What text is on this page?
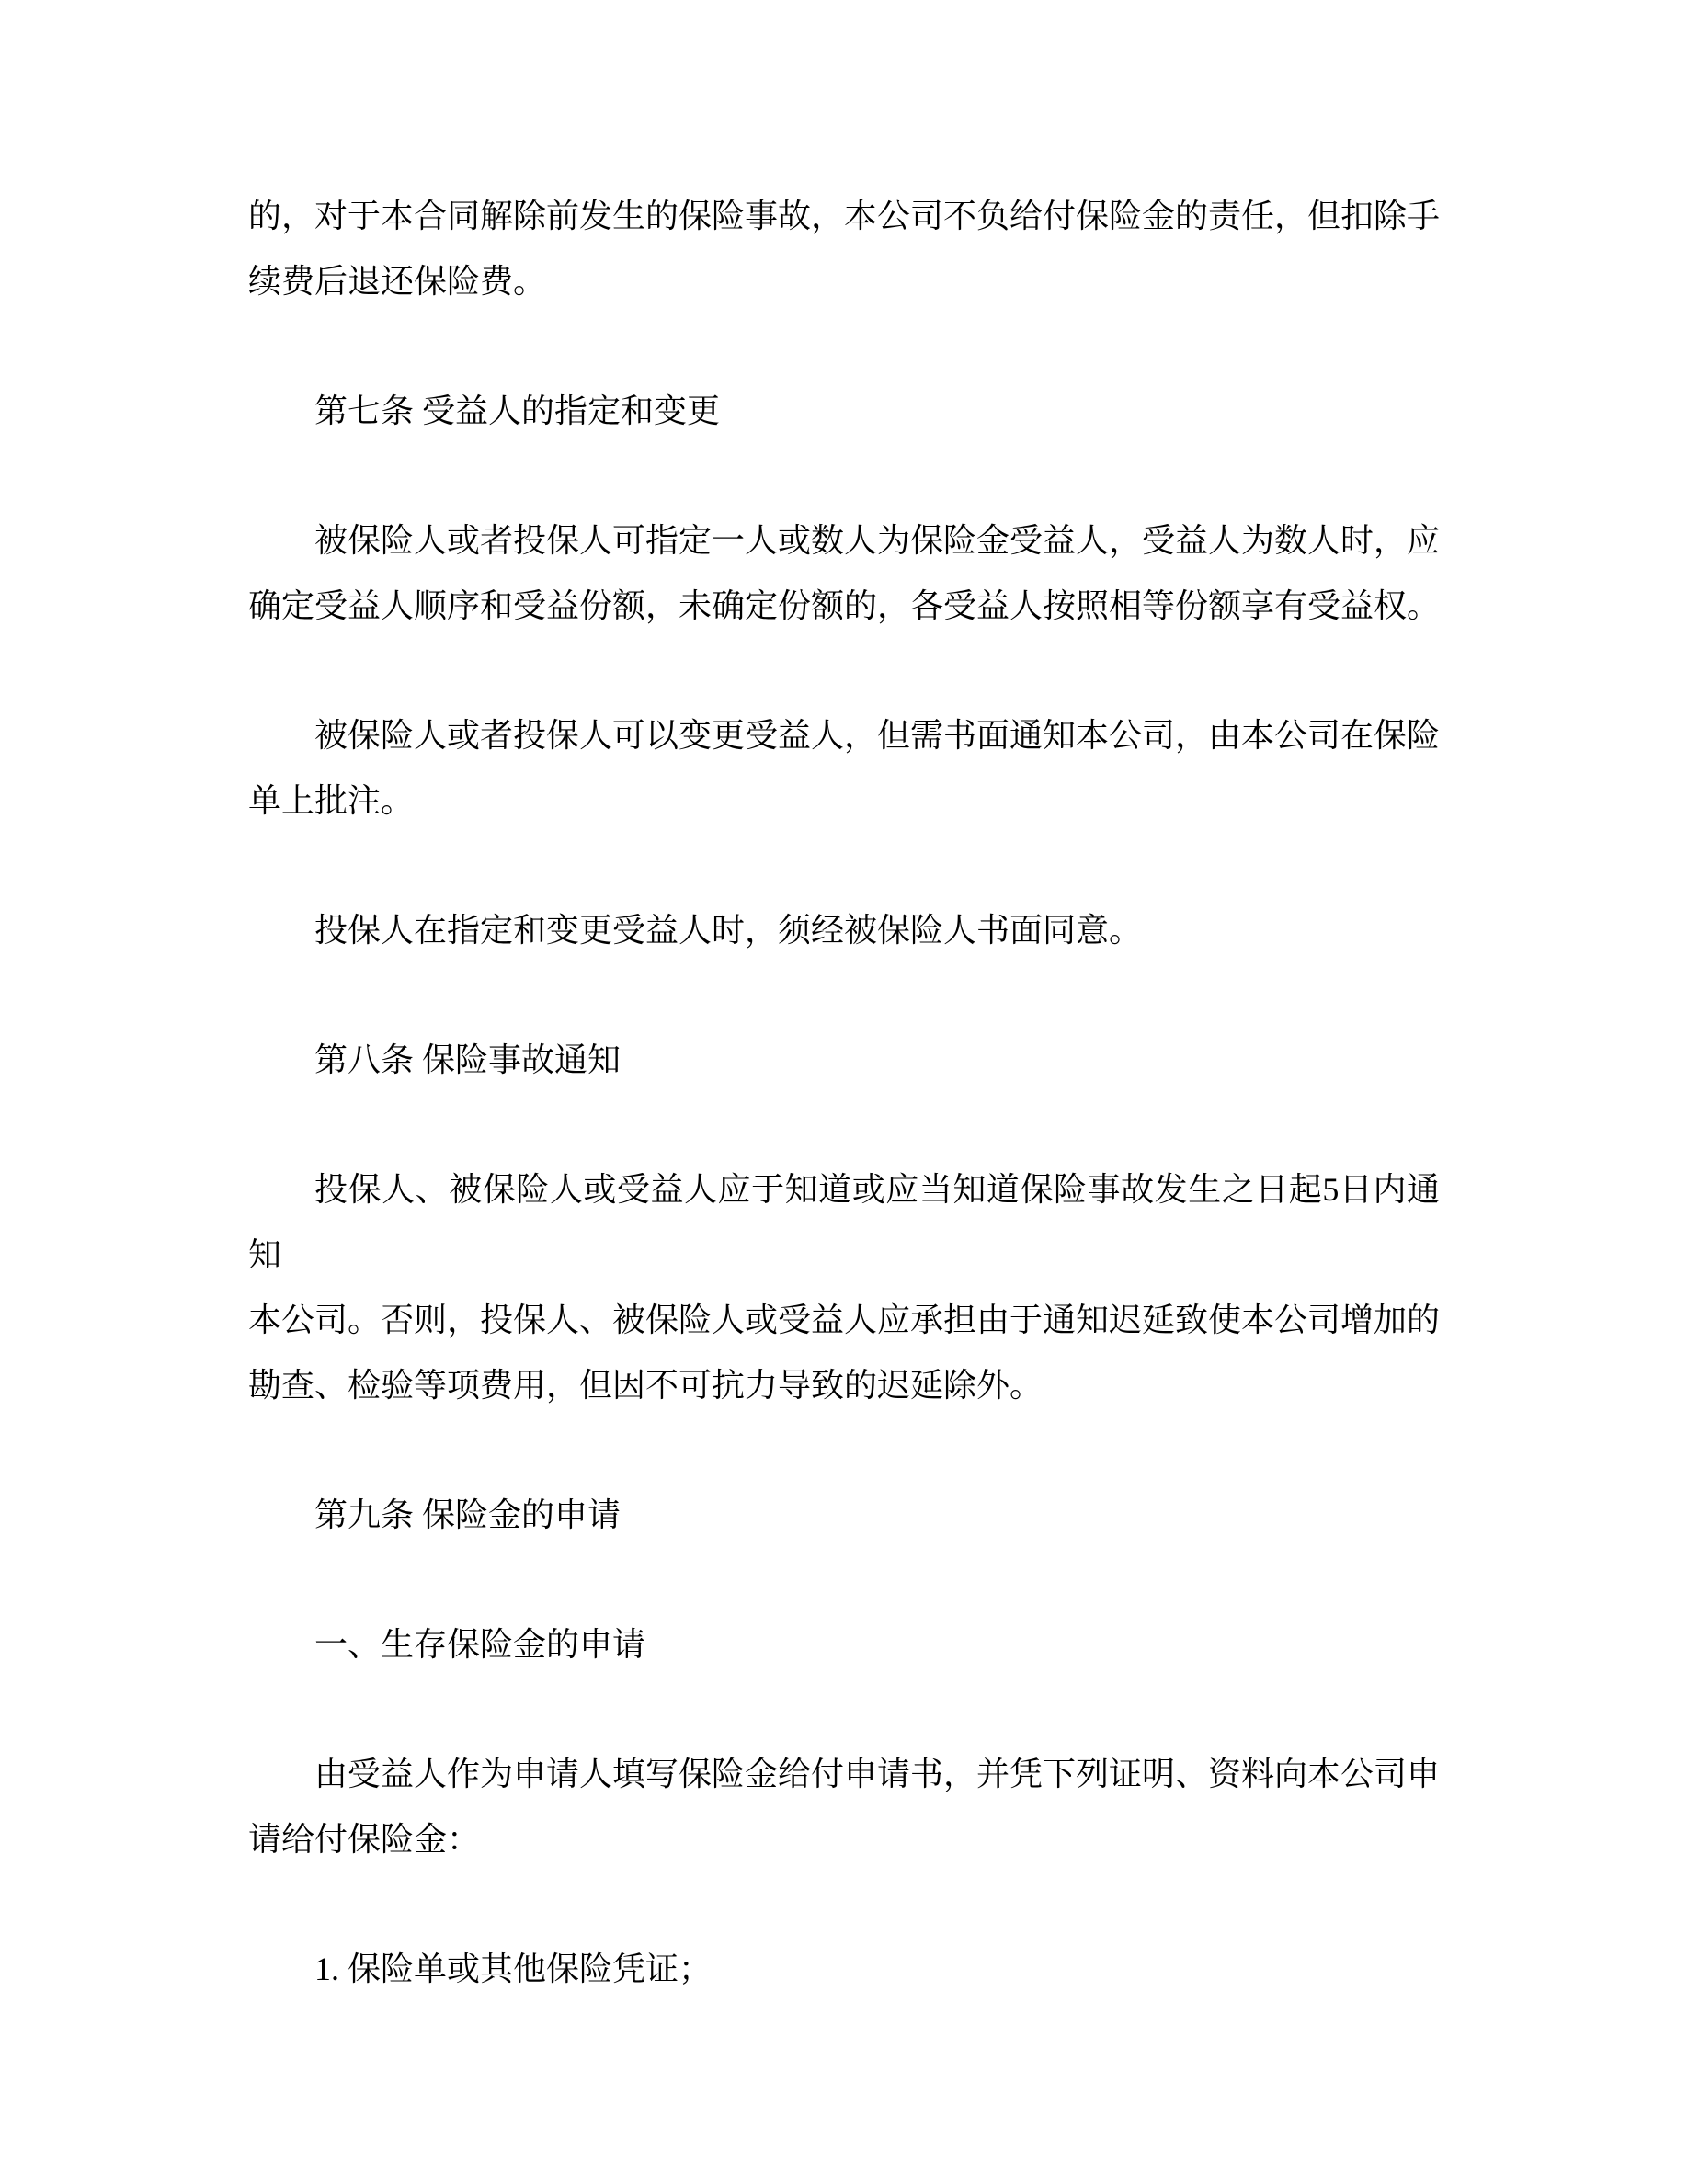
的，对于本合同解除前发生的保险事故，本公司不负给付保险金的责任，但扣除手
续费后退还保险费。

第七条 受益人的指定和变更

被保险人或者投保人可指定一人或数人为保险金受益人，受益人为数人时，应
确定受益人顺序和受益份额，未确定份额的，各受益人按照相等份额享有受益权。

被保险人或者投保人可以变更受益人，但需书面通知本公司，由本公司在保险
单上批注。

投保人在指定和变更受益人时，须经被保险人书面同意。

第八条 保险事故通知

投保人、被保险人或受益人应于知道或应当知道保险事故发生之日起5日内通知
本公司。否则，投保人、被保险人或受益人应承担由于通知迟延致使本公司增加的
勘查、检验等项费用，但因不可抗力导致的迟延除外。

第九条 保险金的申请

一、生存保险金的申请

由受益人作为申请人填写保险金给付申请书，并凭下列证明、资料向本公司申
请给付保险金：

1. 保险单或其他保险凭证；
